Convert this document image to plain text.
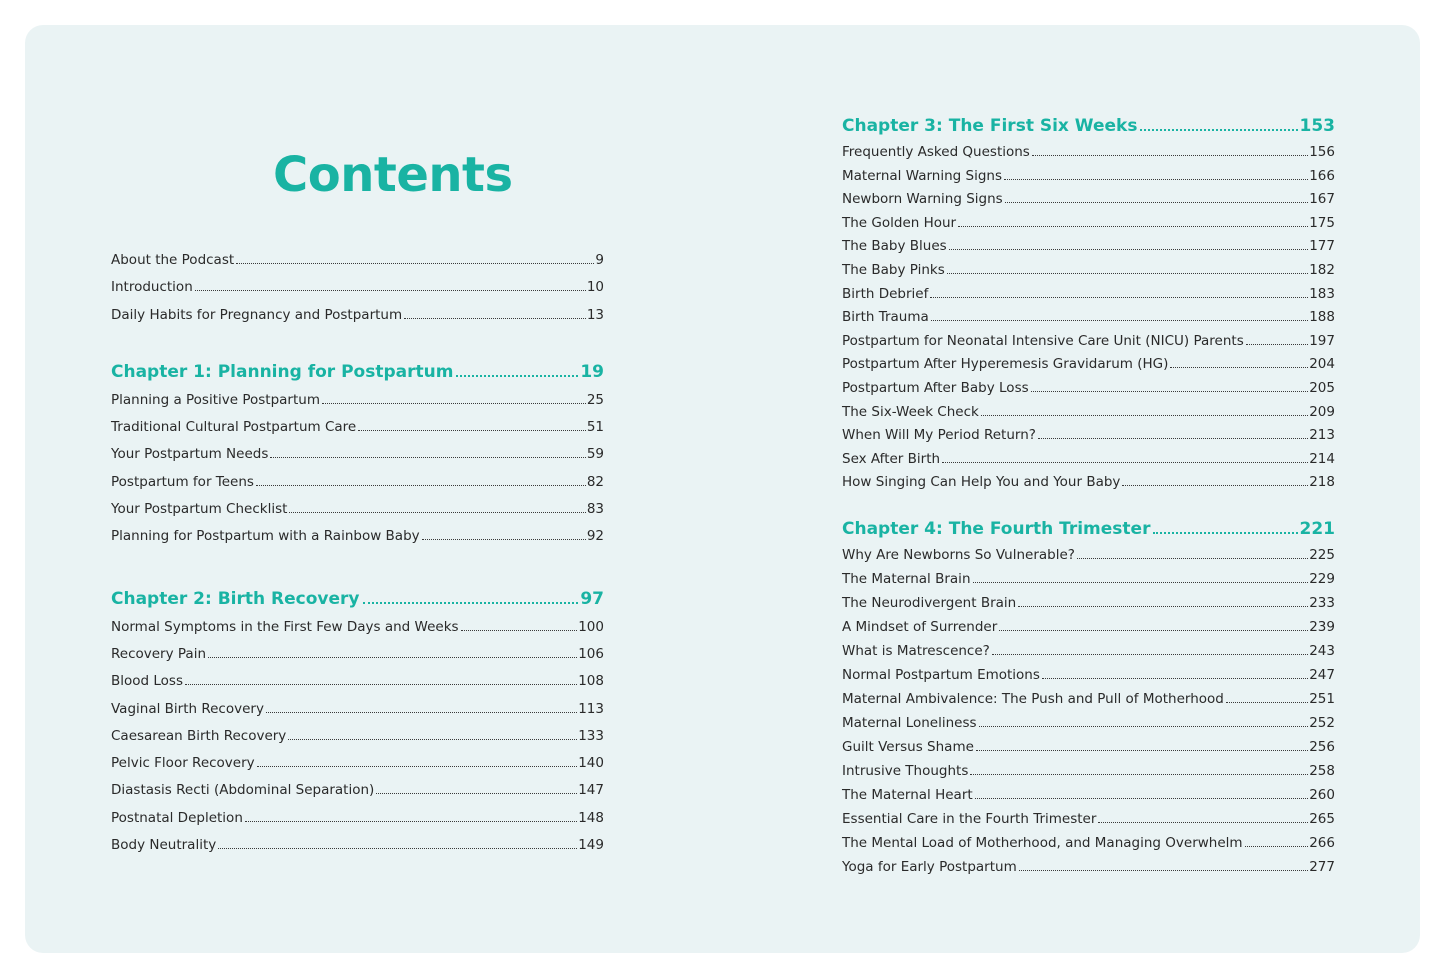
Contents
About the Podcast	9
Introduction	10
Daily Habits for Pregnancy and Postpartum	13
Chapter 1: Planning for Postpartum	19
Planning a Positive Postpartum	25
Traditional Cultural Postpartum Care	51
Your Postpartum Needs	59
Postpartum for Teens	82
Your Postpartum Checklist	83
Planning for Postpartum with a Rainbow Baby	92
Chapter 2: Birth Recovery	97
Normal Symptoms in the First Few Days and Weeks	100
Recovery Pain	106
Blood Loss	108
Vaginal Birth Recovery	113
Caesarean Birth Recovery	133
Pelvic Floor Recovery	140
Diastasis Recti (Abdominal Separation)	147
Postnatal Depletion	148
Body Neutrality	149
Chapter 3: The First Six Weeks	153
Frequently Asked Questions	156
Maternal Warning Signs	166
Newborn Warning Signs	167
The Golden Hour	175
The Baby Blues	177
The Baby Pinks	182
Birth Debrief	183
Birth Trauma	188
Postpartum for Neonatal Intensive Care Unit (NICU) Parents	197
Postpartum After Hyperemesis Gravidarum (HG)	204
Postpartum After Baby Loss	205
The Six-Week Check	209
When Will My Period Return?	213
Sex After Birth	214
How Singing Can Help You and Your Baby	218
Chapter 4: The Fourth Trimester	221
Why Are Newborns So Vulnerable?	225
The Maternal Brain	229
The Neurodivergent Brain	233
A Mindset of Surrender	239
What is Matrescence?	243
Normal Postpartum Emotions	247
Maternal Ambivalence: The Push and Pull of Motherhood	251
Maternal Loneliness	252
Guilt Versus Shame	256
Intrusive Thoughts	258
The Maternal Heart	260
Essential Care in the Fourth Trimester	265
The Mental Load of Motherhood, and Managing Overwhelm	266
Yoga for Early Postpartum	277
